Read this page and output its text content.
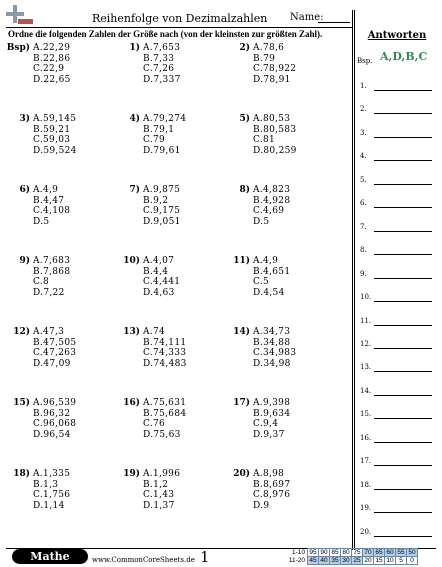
Reihenfolge von Dezimalzahlen Name:
Ordne die folgenden Zahlen der Größe nach (von der kleinsten zur größten Zahl).
Bsp) A.22,29
B.22,86
C.22,9
D.22,65
1) A.7,653
B.7,33
C.7,26
D.7,337
2) A.78,6
B.79
C.78,922
D.78,91
3) A.59,145
B.59,21
C.59,03
D.59,524
4) A.79,274
B.79,1
C.79
D.79,61
5) A.80,53
B.80,583
C.81
D.80,259
6) A.4,9
B.4,47
C.4,108
D.5
7) A.9,875
B.9,2
C.9,175
D.9,051
8) A.4,823
B.4,928
C.4,69
D.5
9) A.7,683
B.7,868
C.8
D.7,22
10) A.4,07
B.4,4
C.4,441
D.4,63
11) A.4,9
B.4,651
C.5
D.4,54
12) A.47,3
B.47,505
C.47,263
D.47,09
13) A.74
B.74,111
C.74,333
D.74,483
14) A.34,73
B.34,88
C.34,983
D.34,98
15) A.96,539
B.96,32
C.96,068
D.96,54
16) A.75,631
B.75,684
C.76
D.75,63
17) A.9,398
B.9,634
C.9,4
D.9,37
18) A.1,335
B.1,3
C.1,756
D.1,14
19) A.1,996
B.1,2
C.1,43
D.1,37
20) A.8,98
B.8,697
C.8,976
D.9
Antworten
Bsp. A,D,B,C
1.
2.
3.
4.
5.
6.
7.
8.
9.
10.
11.
12.
13.
14.
15.
16.
17.
18.
19.
20.
Mathe	www.CommonCoreSheets.de 1	1-10	95	90	85	80	75	70	65	60	55	50
11-20	45	40	35	30	25	20	15	10	5	0
